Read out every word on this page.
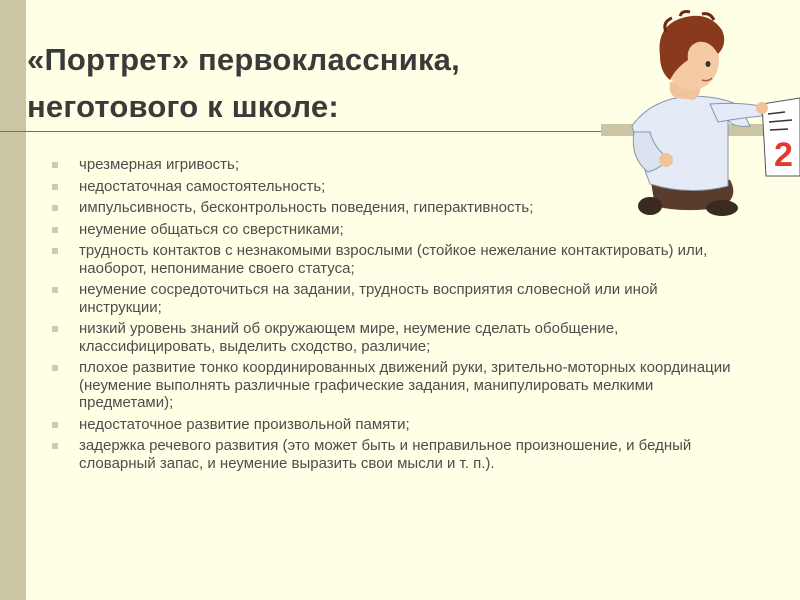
«Портрет» первоклассника,
неготового к школе:
чрезмерная игривость;
недостаточная самостоятельность;
импульсивность, бесконтрольность поведения, гиперактивность;
неумение общаться со сверстниками;
трудность контактов с незнакомыми взрослыми (стойкое нежелание контактировать) или, наоборот, непонимание своего статуса;
неумение сосредоточиться на задании, трудность восприятия словесной или иной инструкции;
низкий уровень знаний об окружающем мире, неумение сделать обобщение, классифицировать, выделить сходство, различие;
плохое развитие тонко координированных движений руки, зрительно-моторных координации (неумение выполнять различные графические задания, манипулировать мелкими предметами);
недостаточное развитие произвольной памяти;
задержка речевого развития (это может быть и неправильное произношение, и бедный словарный запас, и неумение выразить свои мысли и т. п.).
2
